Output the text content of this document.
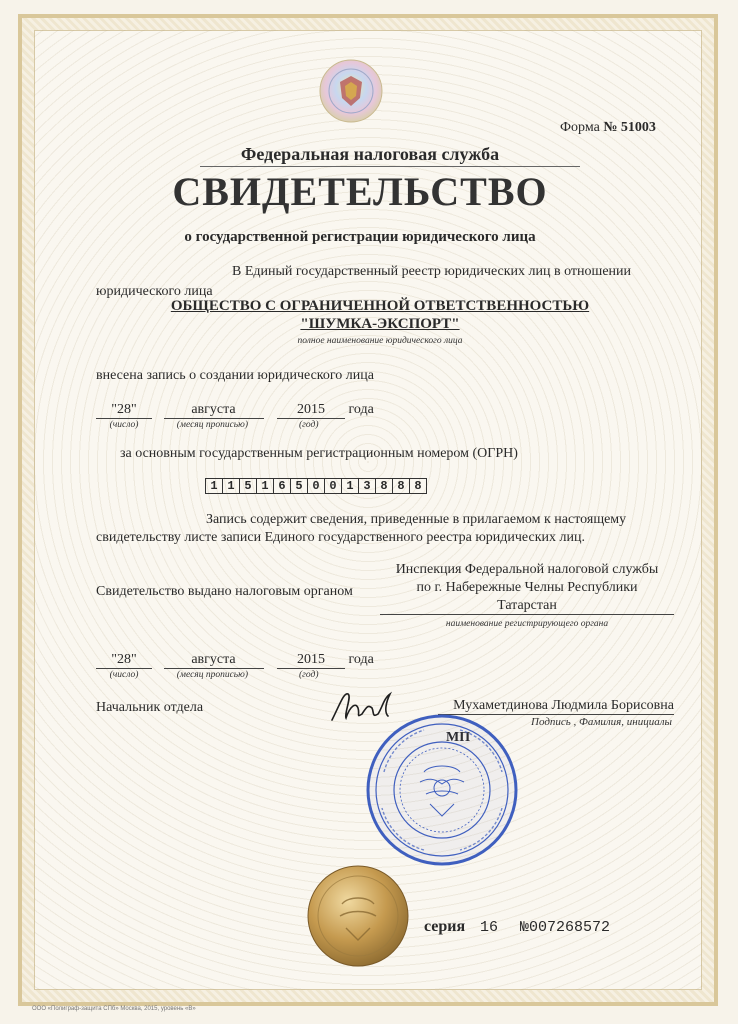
Форма № 51003
Федеральная налоговая служба
СВИДЕТЕЛЬСТВО
о государственной регистрации юридического лица
В Единый государственный реестр юридических лиц в отношении
юридического лица
ОБЩЕСТВО С ОГРАНИЧЕННОЙ ОТВЕТСТВЕННОСТЬЮ
"ШУМКА-ЭКСПОРТ"
полное наименование юридического лица
внесена запись о создании юридического лица
"28"	августа	2015 года
(число)	(месяц прописью)	(год)
за основным государственным регистрационным номером (ОГРН)
1 1 5 1 6 5 0 0 1 3 8 8 8
Запись содержит сведения, приведенные в прилагаемом к настоящему
свидетельству листе записи Единого государственного реестра юридических лиц.
Свидетельство выдано налоговым органом
Инспекция Федеральной налоговой службы
по г. Набережные Челны Республики
Татарстан
наименование регистрирующего органа
"28"	августа	2015 года
(число)	(месяц прописью)	(год)
Начальник отдела	Мухаметдинова Людмила Борисовна
Подпись , Фамилия, инициалы
серия 16 №007268572
ООО «Полиграф-защита СПб» Москва, 2015, уровень «В»
